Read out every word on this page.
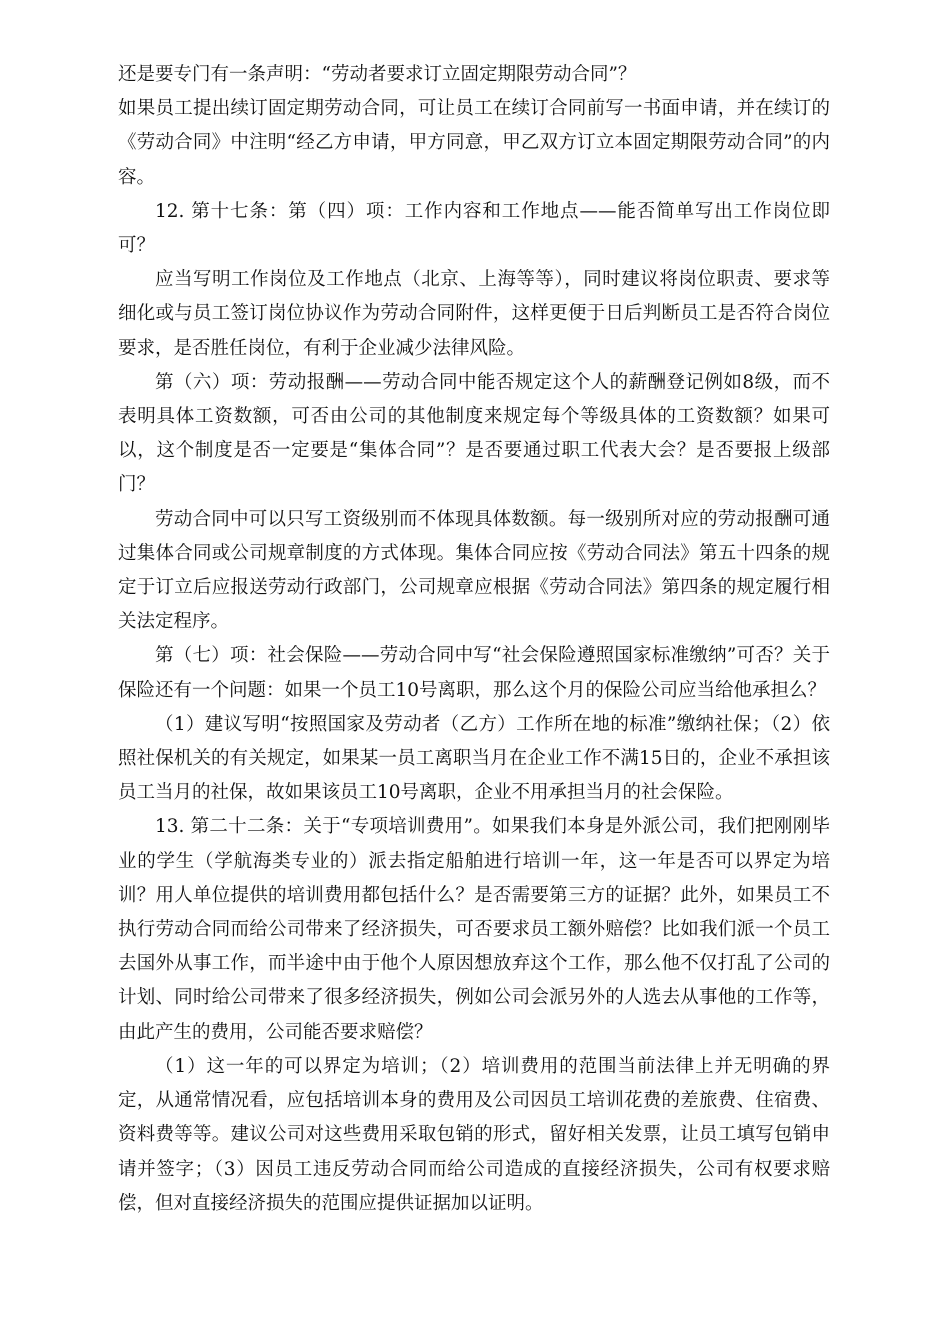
还是要专门有一条声明：“劳动者要求订立固定期限劳动合同”？

如果员工提出续订固定期劳动合同，可让员工在续订合同前写一书面申请，并在续订的《劳动合同》中注明“经乙方申请，甲方同意，甲乙双方订立本固定期限劳动合同”的内容。

12. 第十七条：第（四）项：工作内容和工作地点——能否简单写出工作岗位即可？

应当写明工作岗位及工作地点（北京、上海等等），同时建议将岗位职责、要求等细化或与员工签订岗位协议作为劳动合同附件，这样更便于日后判断员工是否符合岗位要求，是否胜任岗位，有利于企业减少法律风险。

第（六）项：劳动报酬——劳动合同中能否规定这个人的薪酬登记例如8级，而不表明具体工资数额，可否由公司的其他制度来规定每个等级具体的工资数额？如果可以，这个制度是否一定要是“集体合同”？是否要通过职工代表大会？是否要报上级部门？

劳动合同中可以只写工资级别而不体现具体数额。每一级别所对应的劳动报酬可通过集体合同或公司规章制度的方式体现。集体合同应按《劳动合同法》第五十四条的规定于订立后应报送劳动行政部门，公司规章应根据《劳动合同法》第四条的规定履行相关法定程序。

第（七）项：社会保险——劳动合同中写“社会保险遵照国家标准缴纳”可否？关于保险还有一个问题：如果一个员工10号离职，那么这个月的保险公司应当给他承担么？

（1）建议写明“按照国家及劳动者（乙方）工作所在地的标准”缴纳社保；（2）依照社保机关的有关规定，如果某一员工离职当月在企业工作不满15日的，企业不承担该员工当月的社保，故如果该员工10号离职，企业不用承担当月的社会保险。

13. 第二十二条：关于“专项培训费用”。如果我们本身是外派公司，我们把刚刚毕业的学生（学航海类专业的）派去指定船舶进行培训一年，这一年是否可以界定为培训？用人单位提供的培训费用都包括什么？是否需要第三方的证据？此外，如果员工不执行劳动合同而给公司带来了经济损失，可否要求员工额外赔偿？比如我们派一个员工去国外从事工作，而半途中由于他个人原因想放弃这个工作，那么他不仅打乱了公司的计划、同时给公司带来了很多经济损失，例如公司会派另外的人选去从事他的工作等，由此产生的费用，公司能否要求赔偿？

（1）这一年的可以界定为培训；（2）培训费用的范围当前法律上并无明确的界定，从通常情况看，应包括培训本身的费用及公司因员工培训花费的差旅费、住宿费、资料费等等。建议公司对这些费用采取包销的形式，留好相关发票，让员工填写包销申请并签字；（3）因员工违反劳动合同而给公司造成的直接经济损失，公司有权要求赔偿，但对直接经济损失的范围应提供证据加以证明。
